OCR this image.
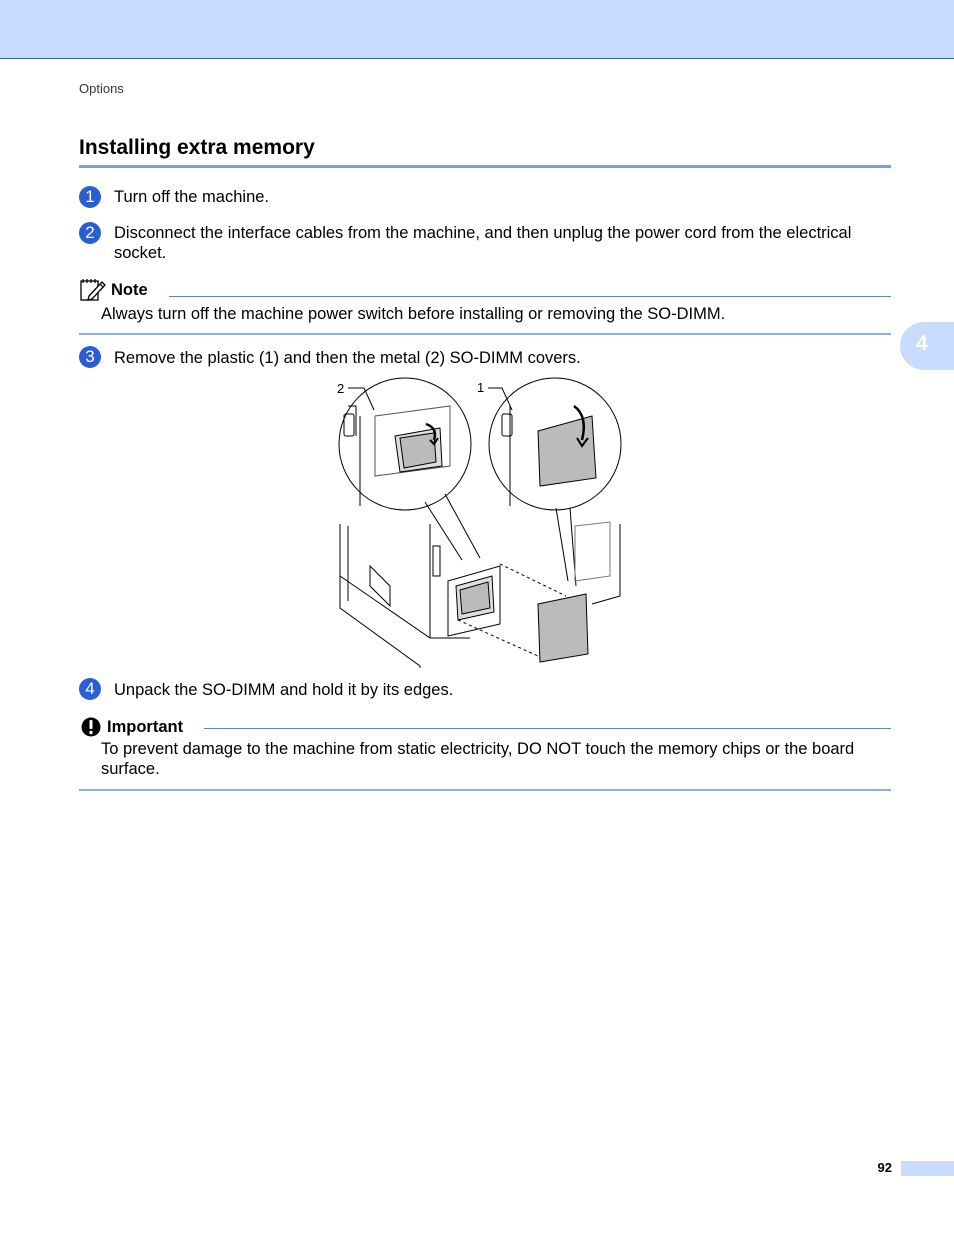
Options
Installing extra memory
1	Turn off the machine.
2	Disconnect the interface cables from the machine, and then unplug the power cord from the electrical socket.
Note
Always turn off the machine power switch before installing or removing the SO-DIMM.
3	Remove the plastic (1) and then the metal (2) SO-DIMM covers.
2	1
4	Unpack the SO-DIMM and hold it by its edges.
Important
To prevent damage to the machine from static electricity, DO NOT touch the memory chips or the board surface.
4
92
